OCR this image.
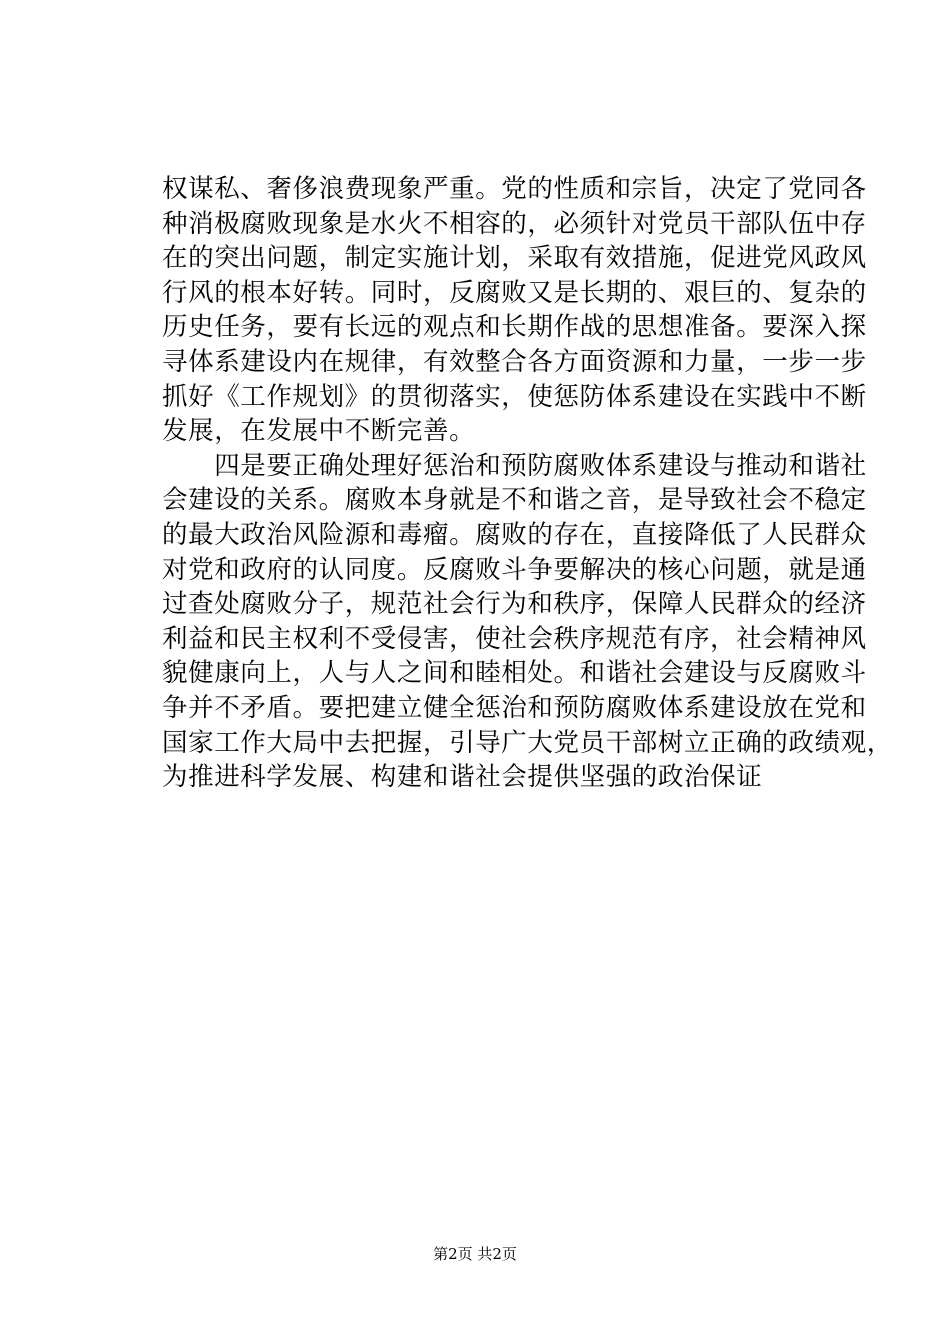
权谋私、奢侈浪费现象严重。党的性质和宗旨，决定了党同各
种消极腐败现象是水火不相容的，必须针对党员干部队伍中存
在的突出问题，制定实施计划，采取有效措施，促进党风政风
行风的根本好转。同时，反腐败又是长期的、艰巨的、复杂的
历史任务，要有长远的观点和长期作战的思想准备。要深入探
寻体系建设内在规律，有效整合各方面资源和力量，一步一步
抓好《工作规划》的贯彻落实，使惩防体系建设在实践中不断
发展，在发展中不断完善。
　　四是要正确处理好惩治和预防腐败体系建设与推动和谐社
会建设的关系。腐败本身就是不和谐之音，是导致社会不稳定
的最大政治风险源和毒瘤。腐败的存在，直接降低了人民群众
对党和政府的认同度。反腐败斗争要解决的核心问题，就是通
过查处腐败分子，规范社会行为和秩序，保障人民群众的经济
利益和民主权利不受侵害，使社会秩序规范有序，社会精神风
貌健康向上，人与人之间和睦相处。和谐社会建设与反腐败斗
争并不矛盾。要把建立健全惩治和预防腐败体系建设放在党和
国家工作大局中去把握，引导广大党员干部树立正确的政绩观，
为推进科学发展、构建和谐社会提供坚强的政治保证
第2页 共2页
